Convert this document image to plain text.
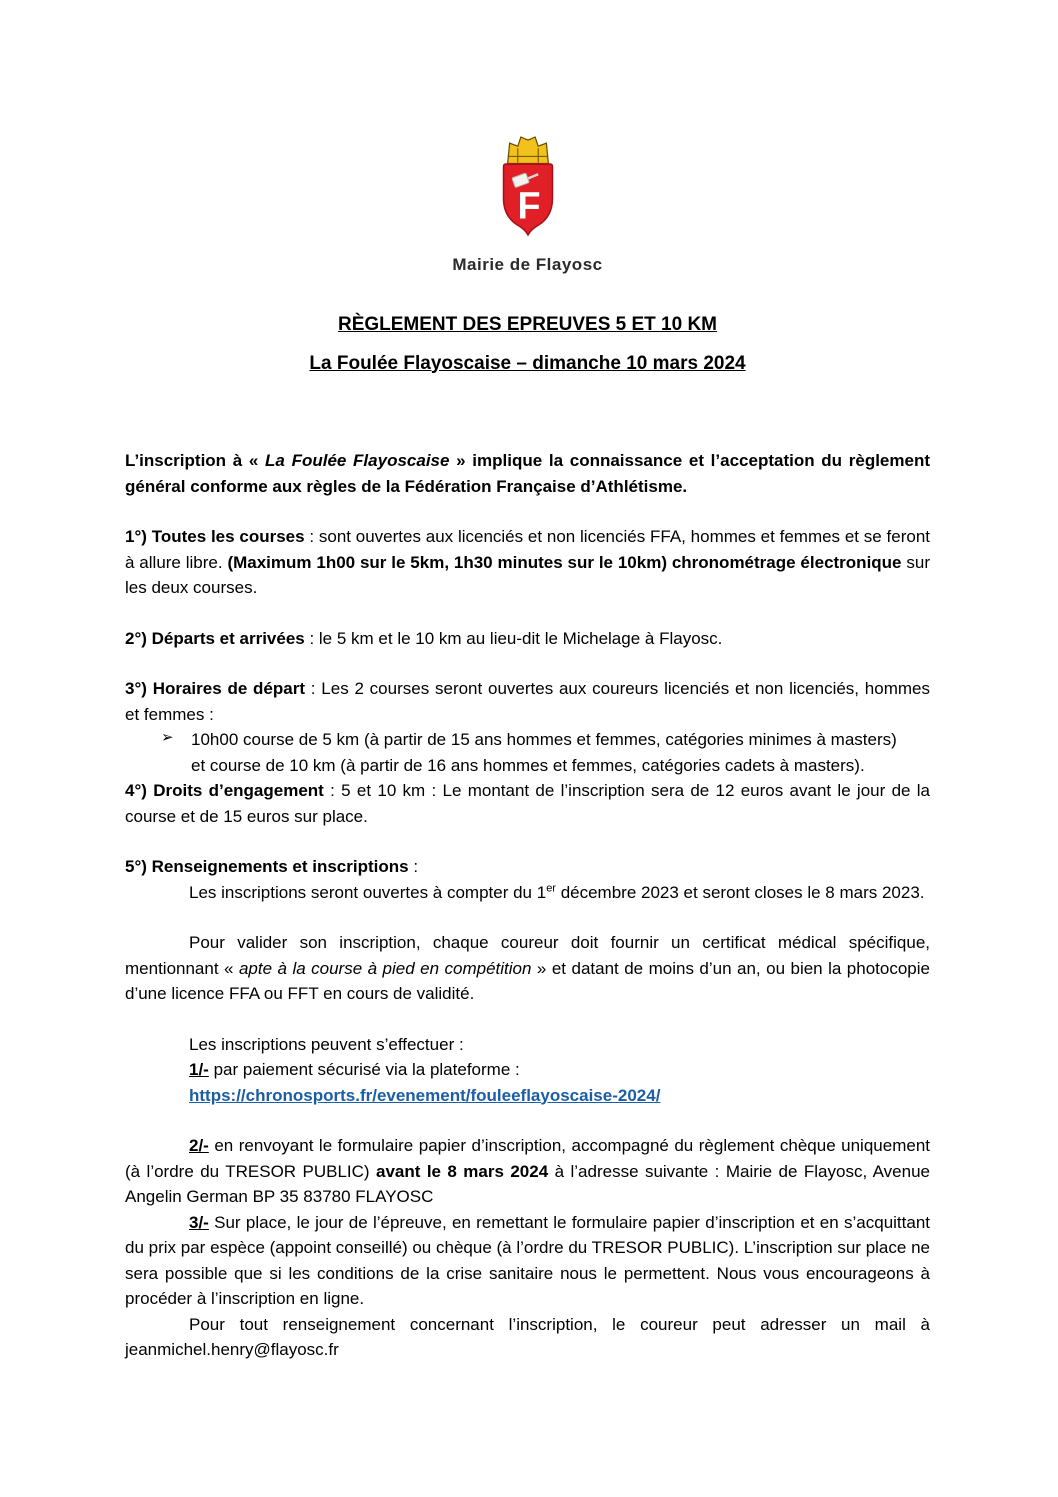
F
Mairie de Flayosc
RÈGLEMENT DES EPREUVES 5 ET 10 KM
La Foulée Flayoscaise – dimanche 10 mars 2024

L’inscription à « La Foulée Flayoscaise » implique la connaissance et l’acceptation du règlement général conforme aux règles de la Fédération Française d’Athlétisme.

1°) Toutes les courses : sont ouvertes aux licenciés et non licenciés FFA, hommes et femmes et se feront à allure libre. (Maximum 1h00 sur le 5km, 1h30 minutes sur le 10km) chronométrage électronique sur les deux courses.

2°) Départs et arrivées : le 5 km et le 10 km au lieu-dit le Michelage à Flayosc.

3°) Horaires de départ : Les 2 courses seront ouvertes aux coureurs licenciés et non licenciés, hommes et femmes :

➢	10h00 course de 5 km (à partir de 15 ans hommes et femmes, catégories minimes à masters)
et course de 10 km (à partir de 16 ans hommes et femmes, catégories cadets à masters).

4°) Droits d’engagement : 5 et 10 km : Le montant de l’inscription sera de 12 euros avant le jour de la course et de 15 euros sur place.

5°) Renseignements et inscriptions :

Les inscriptions seront ouvertes à compter du 1er décembre 2023 et seront closes le 8 mars 2023.

Pour valider son inscription, chaque coureur doit fournir un certificat médical spécifique, mentionnant « apte à la course à pied en compétition » et datant de moins d’un an, ou bien la photocopie d’une licence FFA ou FFT en cours de validité.

Les inscriptions peuvent s’effectuer :

1/- par paiement sécurisé via la plateforme :

https://chronosports.fr/evenement/fouleeflayoscaise-2024/

2/- en renvoyant le formulaire papier d’inscription, accompagné du règlement chèque uniquement (à l’ordre du TRESOR PUBLIC) avant le 8 mars 2024 à l’adresse suivante : Mairie de Flayosc, Avenue Angelin German BP 35 83780 FLAYOSC

3/- Sur place, le jour de l’épreuve, en remettant le formulaire papier d’inscription et en s’acquittant du prix par espèce (appoint conseillé) ou chèque (à l’ordre du TRESOR PUBLIC). L’inscription sur place ne sera possible que si les conditions de la crise sanitaire nous le permettent. Nous vous encourageons à procéder à l’inscription en ligne.

Pour tout renseignement concernant l’inscription, le coureur peut adresser un mail à jeanmichel.henry@flayosc.fr
